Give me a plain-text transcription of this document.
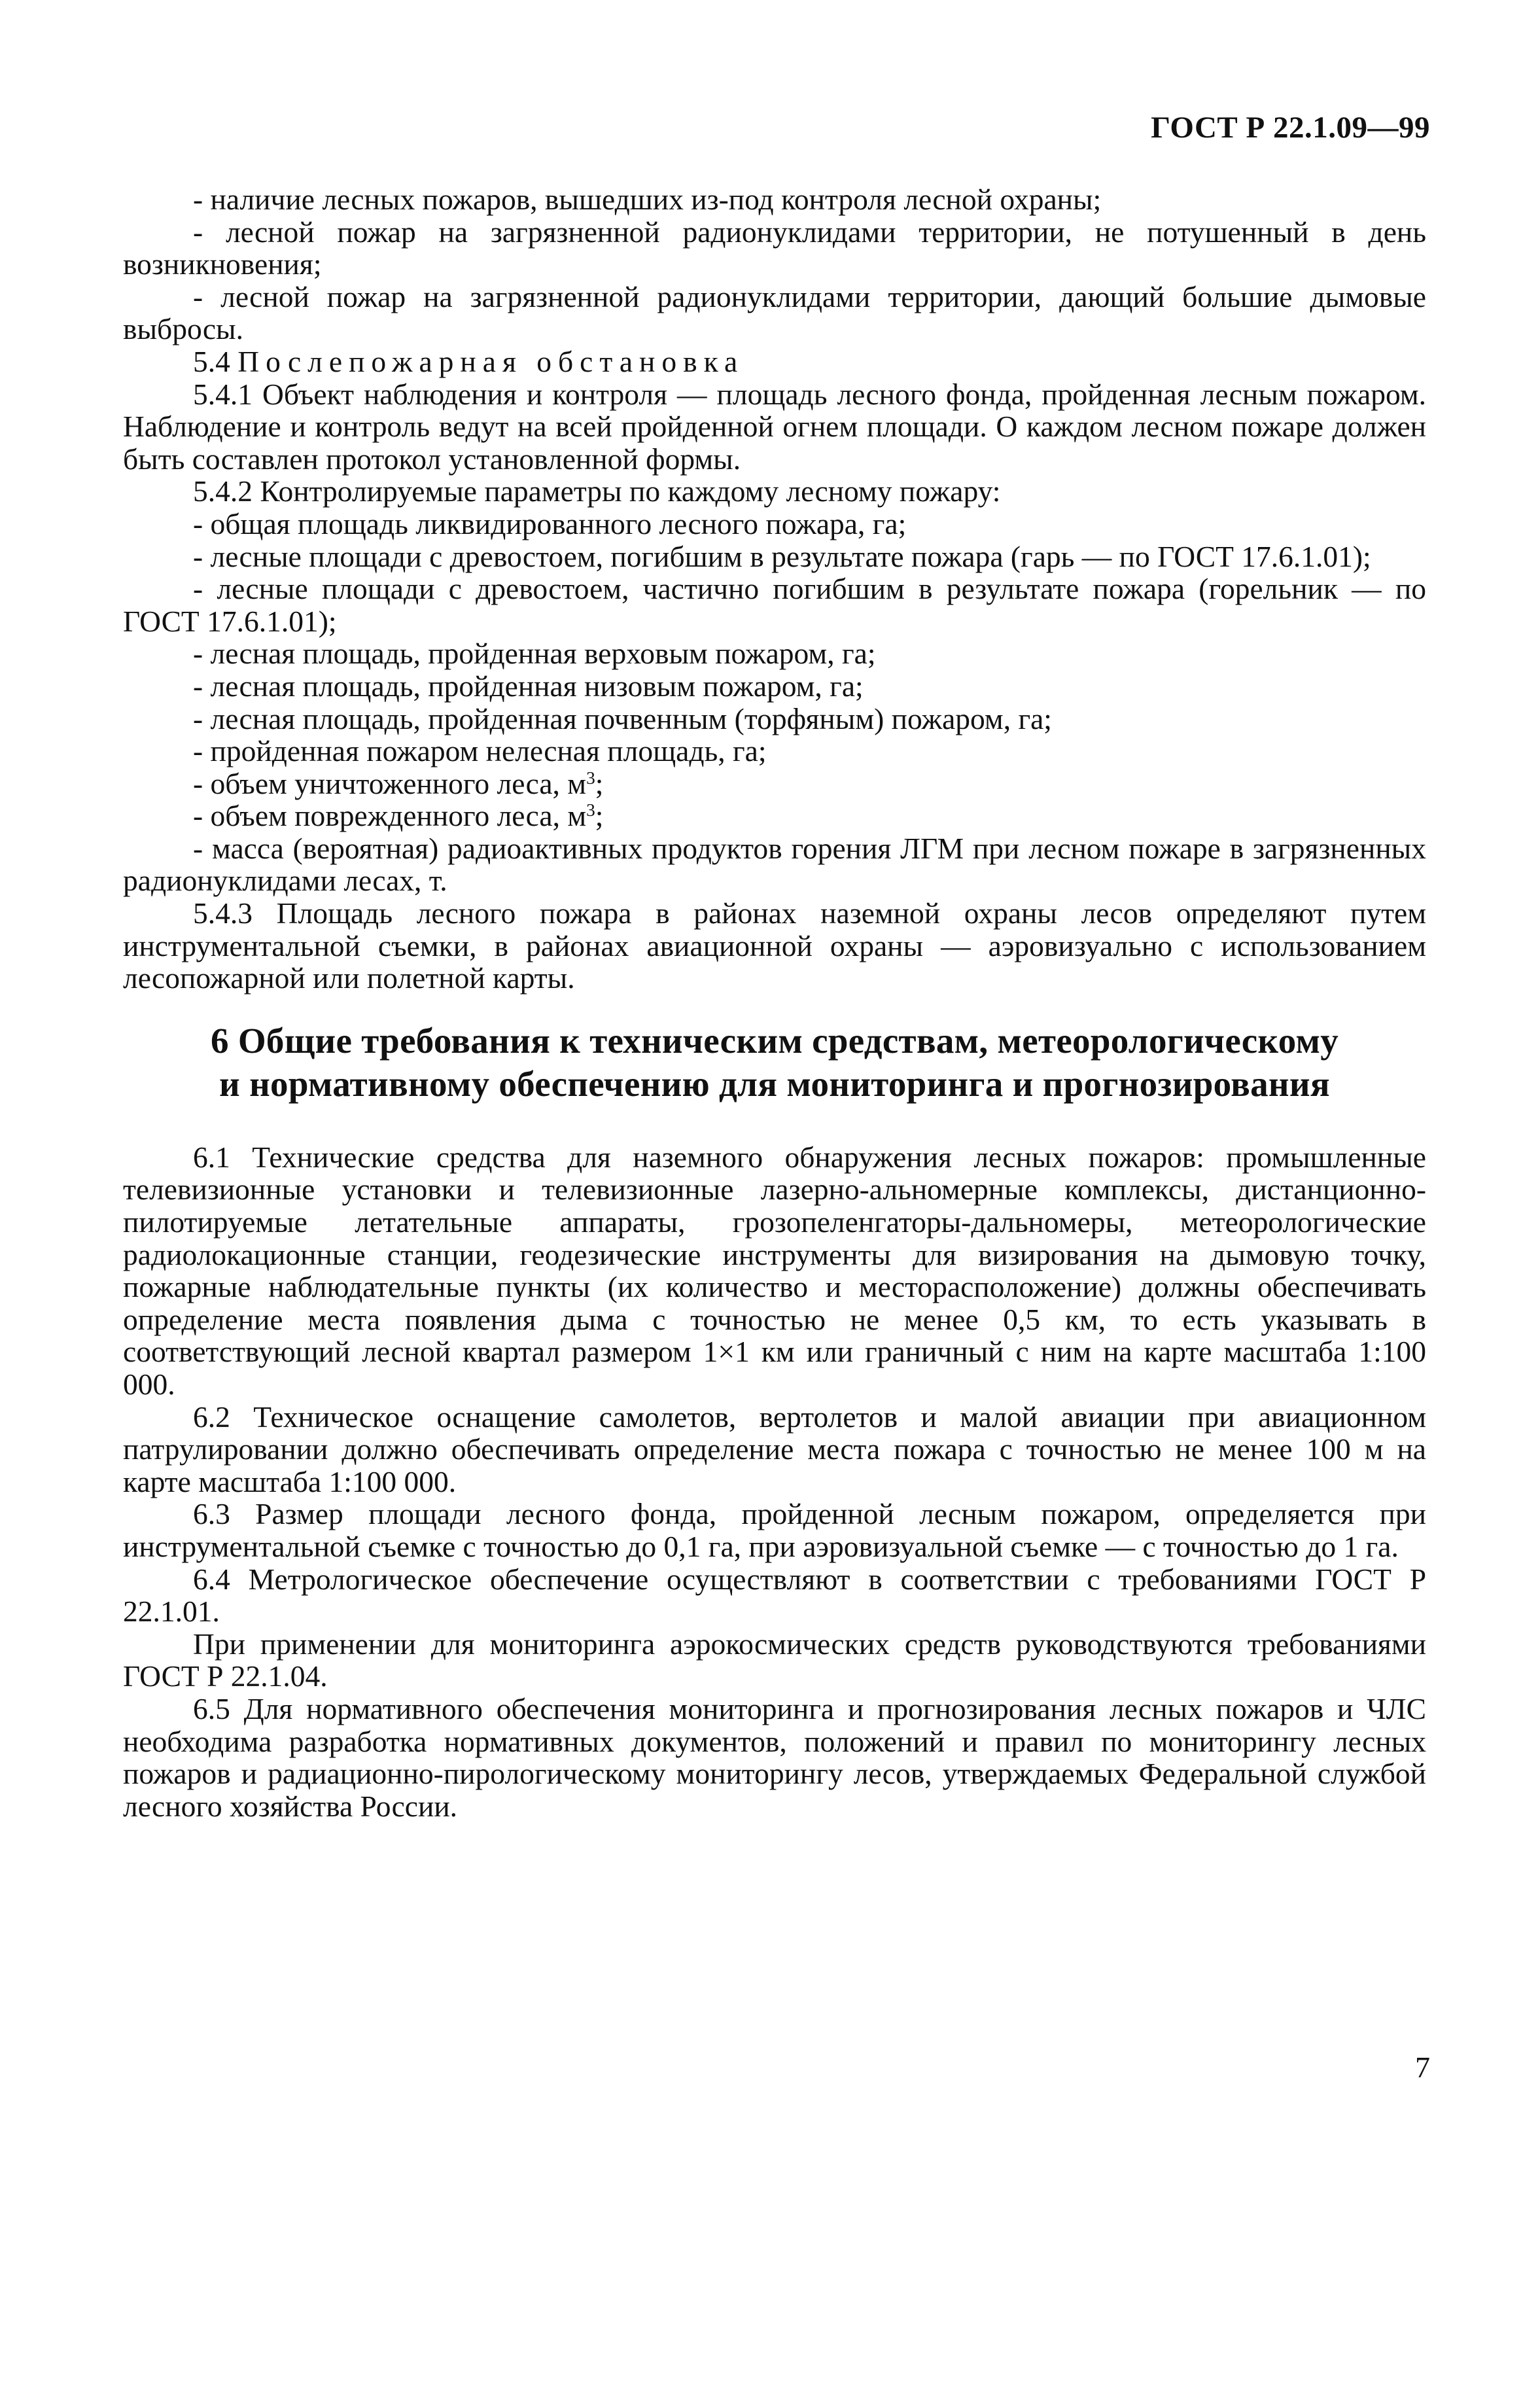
ГОСТ Р 22.1.09—99

- наличие лесных пожаров, вышедших из-под контроля лесной охраны;

- лесной пожар на загрязненной радионуклидами территории, не потушенный в день возникновения;

- лесной пожар на загрязненной радионуклидами территории, дающий большие дымовые выбросы.

5.4 Послепожарная обстановка

5.4.1 Объект наблюдения и контроля — площадь лесного фонда, пройденная лесным пожаром. Наблюдение и контроль ведут на всей пройденной огнем площади. О каждом лесном пожаре должен быть составлен протокол установленной формы.

5.4.2 Контролируемые параметры по каждому лесному пожару:

- общая площадь ликвидированного лесного пожара, га;

- лесные площади с древостоем, погибшим в результате пожара (гарь — по ГОСТ 17.6.1.01);

- лесные площади с древостоем, частично погибшим в результате пожара (горельник — по ГОСТ 17.6.1.01);

- лесная площадь, пройденная верховым пожаром, га;

- лесная площадь, пройденная низовым пожаром, га;

- лесная площадь, пройденная почвенным (торфяным) пожаром, га;

- пройденная пожаром нелесная площадь, га;

- объем уничтоженного леса, $м^3$;

- объем поврежденного леса, $м^3$;

- масса (вероятная) радиоактивных продуктов горения ЛГМ при лесном пожаре в загрязненных радионуклидами лесах, т.

5.4.3 Площадь лесного пожара в районах наземной охраны лесов определяют путем инструментальной съемки, в районах авиационной охраны — аэровизуально с использованием лесопожарной или полетной карты.

6 Общие требования к техническим средствам, метеорологическому
и нормативному обеспечению для мониторинга и прогнозирования

6.1 Технические средства для наземного обнаружения лесных пожаров: промышленные телевизионные установки и телевизионные лазерно-альномерные комплексы, дистанционно-пилотируемые летательные аппараты, грозопеленгаторы-дальномеры, метеорологические радиолокационные станции, геодезические инструменты для визирования на дымовую точку, пожарные наблюдательные пункты (их количество и месторасположение) должны обеспечивать определение места появления дыма с точностью не менее 0,5 км, то есть указывать в соответствующий лесной квартал размером 1×1 км или граничный с ним на карте масштаба 1:100 000.

6.2 Техническое оснащение самолетов, вертолетов и малой авиации при авиационном патрулировании должно обеспечивать определение места пожара с точностью не менее 100 м на карте масштаба 1:100 000.

6.3 Размер площади лесного фонда, пройденной лесным пожаром, определяется при инструментальной съемке с точностью до 0,1 га, при аэровизуальной съемке — с точностью до 1 га.

6.4 Метрологическое обеспечение осуществляют в соответствии с требованиями ГОСТ Р 22.1.01.

При применении для мониторинга аэрокосмических средств руководствуются требованиями ГОСТ Р 22.1.04.

6.5 Для нормативного обеспечения мониторинга и прогнозирования лесных пожаров и ЧЛС необходима разработка нормативных документов, положений и правил по мониторингу лесных пожаров и радиационно-пирологическому мониторингу лесов, утверждаемых Федеральной службой лесного хозяйства России.

7
